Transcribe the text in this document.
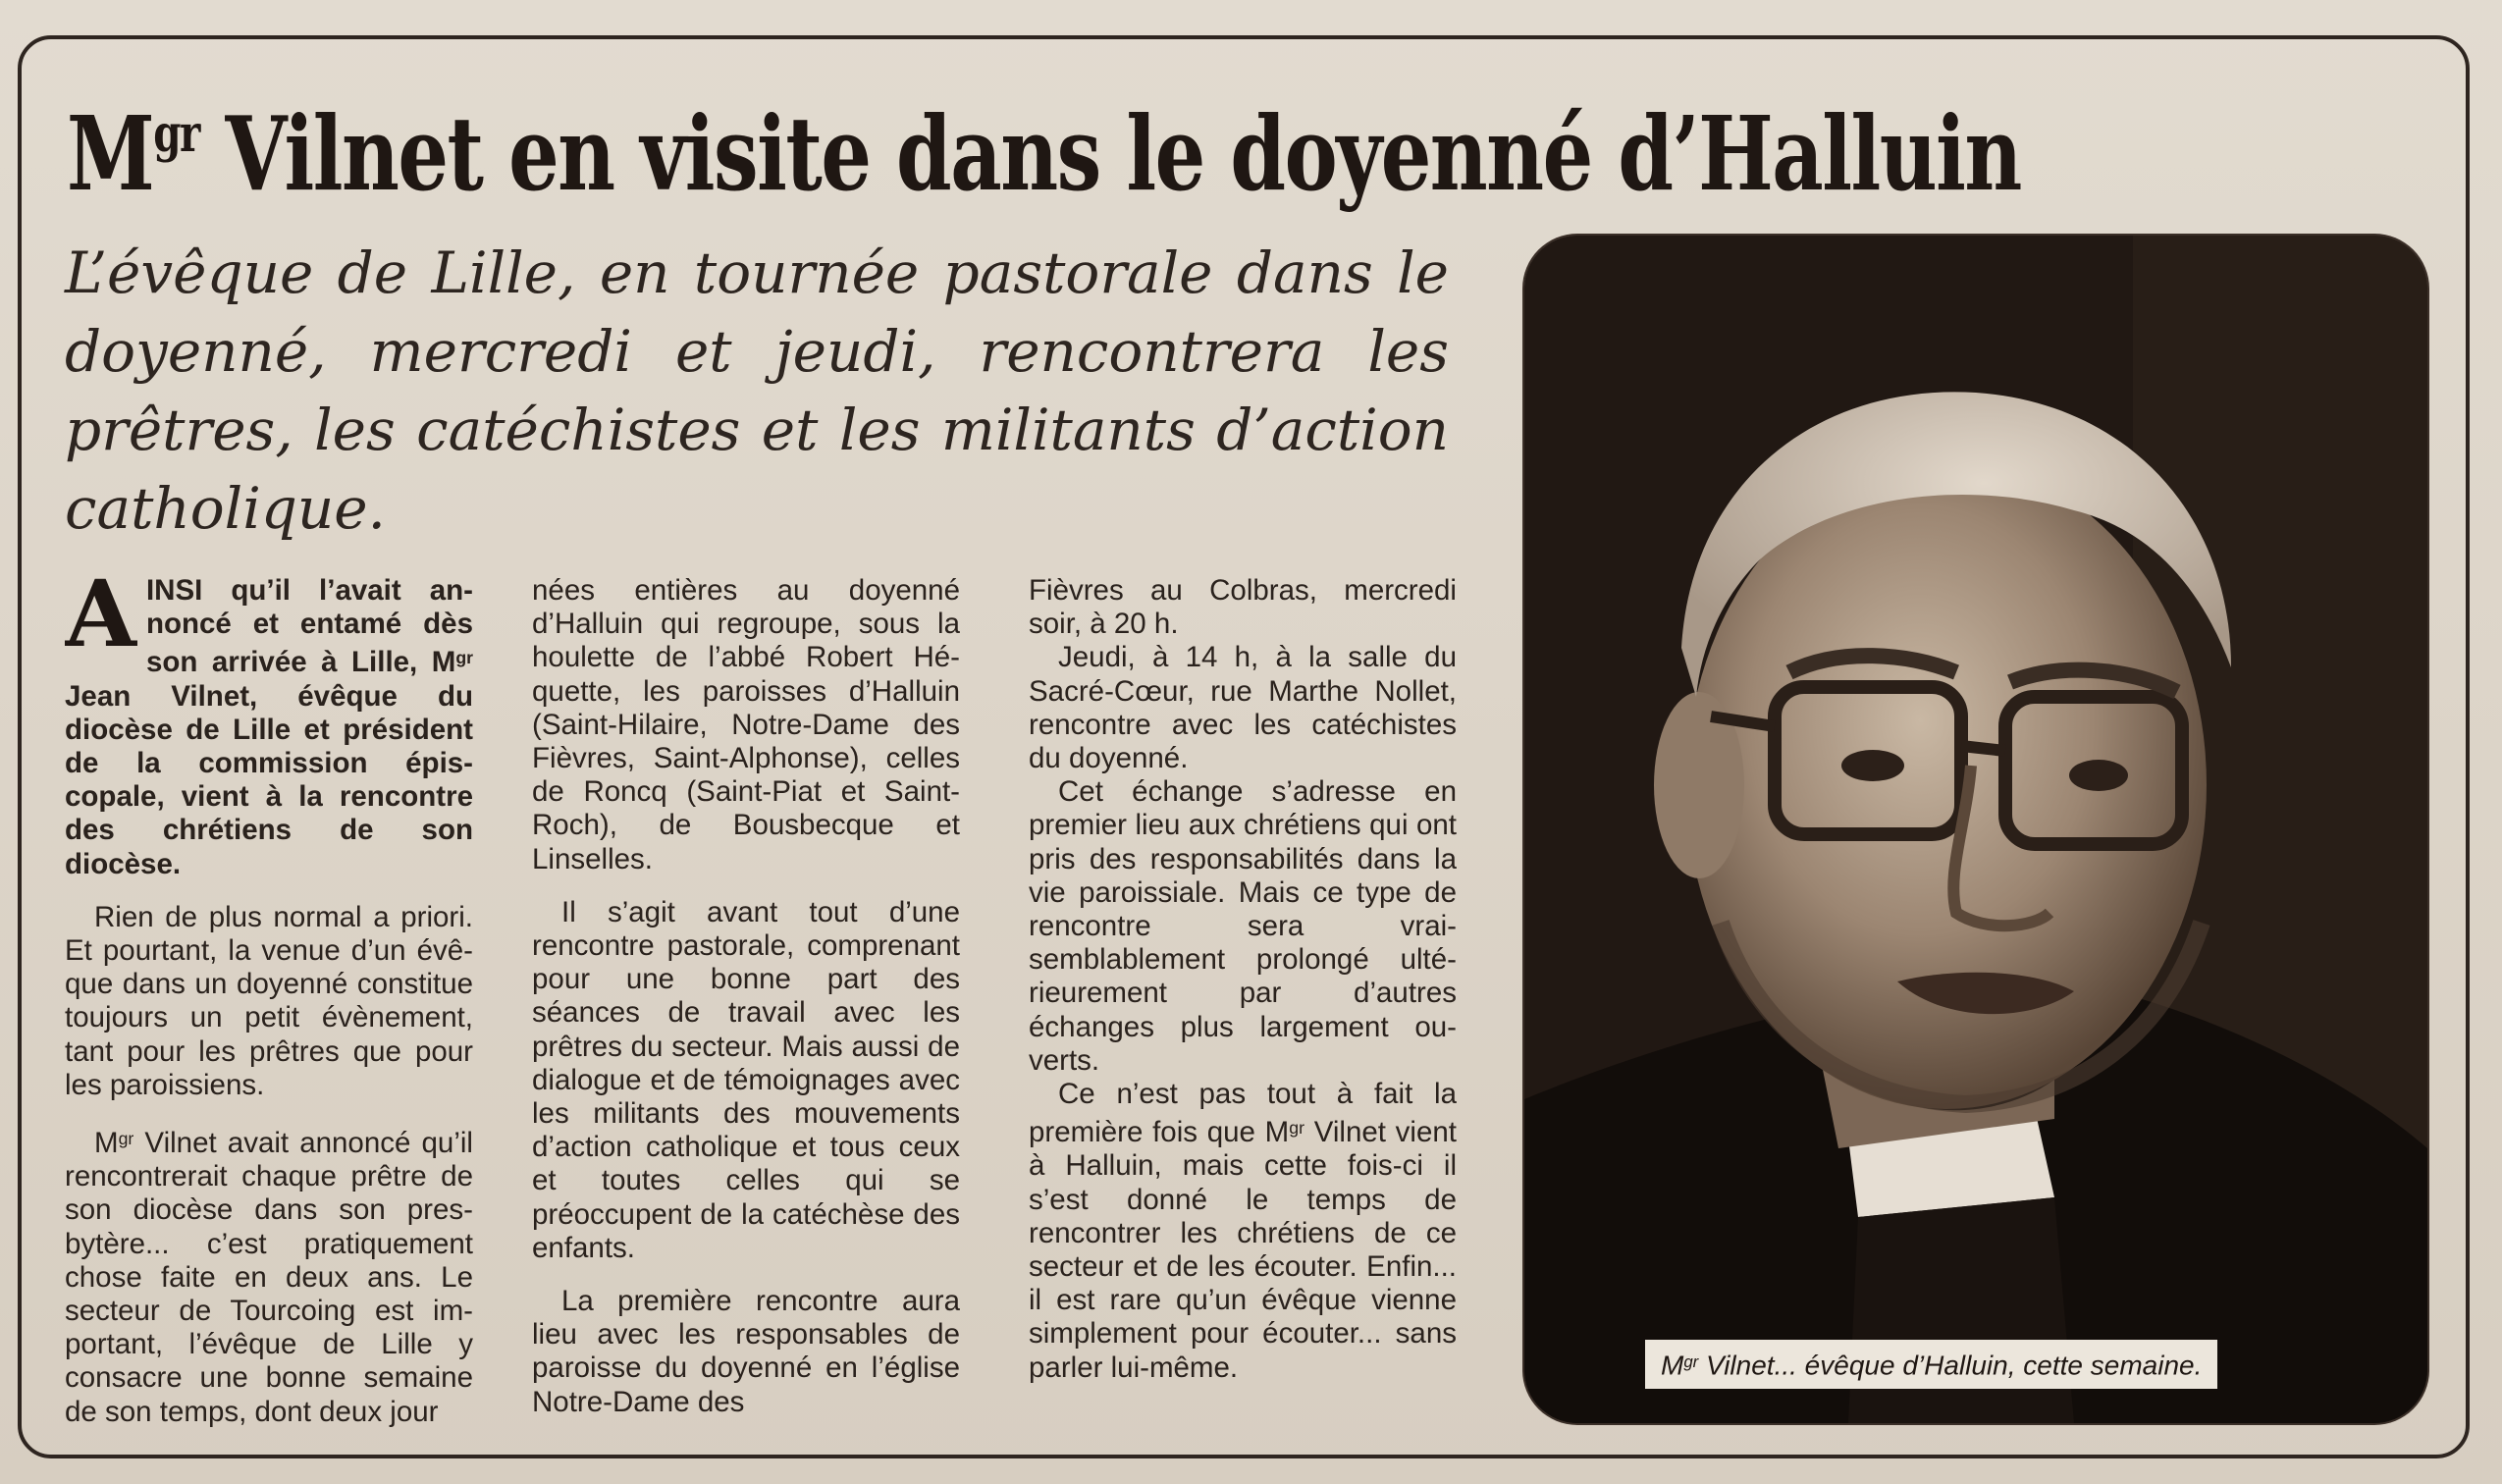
$M^{gr}$ Vilnet en visite dans le doyenné d’Halluin

L’évêque de Lille, en tournée pastorale dans le doyenné, mercredi et jeudi, rencontrera les prêtres, les catéchistes et les militants d’action catholique.

AINSI qu’il l’avait annoncé et entamé dès son arrivée à Lille, $M^{gr}$ Jean Vilnet, évêque du diocèse de Lille et président de la commission épiscopale, vient à la rencontre des chrétiens de son diocèse.

Rien de plus normal a priori. Et pourtant, la venue d’un évêque dans un doyenné constitue toujours un petit évènement, tant pour les prêtres que pour les paroissiens.

$M^{gr}$ Vilnet avait annoncé qu’il rencontrerait chaque prêtre de son diocèse dans son presbytère... c’est pratiquement chose faite en deux ans. Le secteur de Tourcoing est important, l’évêque de Lille y consacre une bonne semaine de son temps, dont deux jour

nées entières au doyenné d’Halluin qui regroupe, sous la houlette de l’abbé Robert Héquette, les paroisses d’Halluin (Saint-Hilaire, Notre-Dame des Fièvres, Saint-Alphonse), celles de Roncq (Saint-Piat et Saint-Roch), de Bousbecque et Linselles.

Il s’agit avant tout d’une rencontre pastorale, comprenant pour une bonne part des séances de travail avec les prêtres du secteur. Mais aussi de dialogue et de témoignages avec les militants des mouvements d’action catholique et tous ceux et toutes celles qui se préoccupent de la catéchèse des enfants.

La première rencontre aura lieu avec les responsables de paroisse du doyenné en l’église Notre-Dame des

Fièvres au Colbras, mercredi soir, à 20 h.

Jeudi, à 14 h, à la salle du Sacré-Cœur, rue Marthe Nollet, rencontre avec les catéchistes du doyenné.

Cet échange s’adresse en premier lieu aux chrétiens qui ont pris des responsabilités dans la vie paroissiale. Mais ce type de rencontre sera vraisemblablement prolongé ultérieurement par d’autres échanges plus largement ouverts.

Ce n’est pas tout à fait la première fois que $M^{gr}$ Vilnet vient à Halluin, mais cette fois-ci il s’est donné le temps de rencontrer les chrétiens de ce secteur et de les écouter. Enfin... il est rare qu’un évêque vienne simplement pour écouter... sans parler lui-même.	$M^{gr}$ Vilnet... évêque d’Halluin, cette semaine.
